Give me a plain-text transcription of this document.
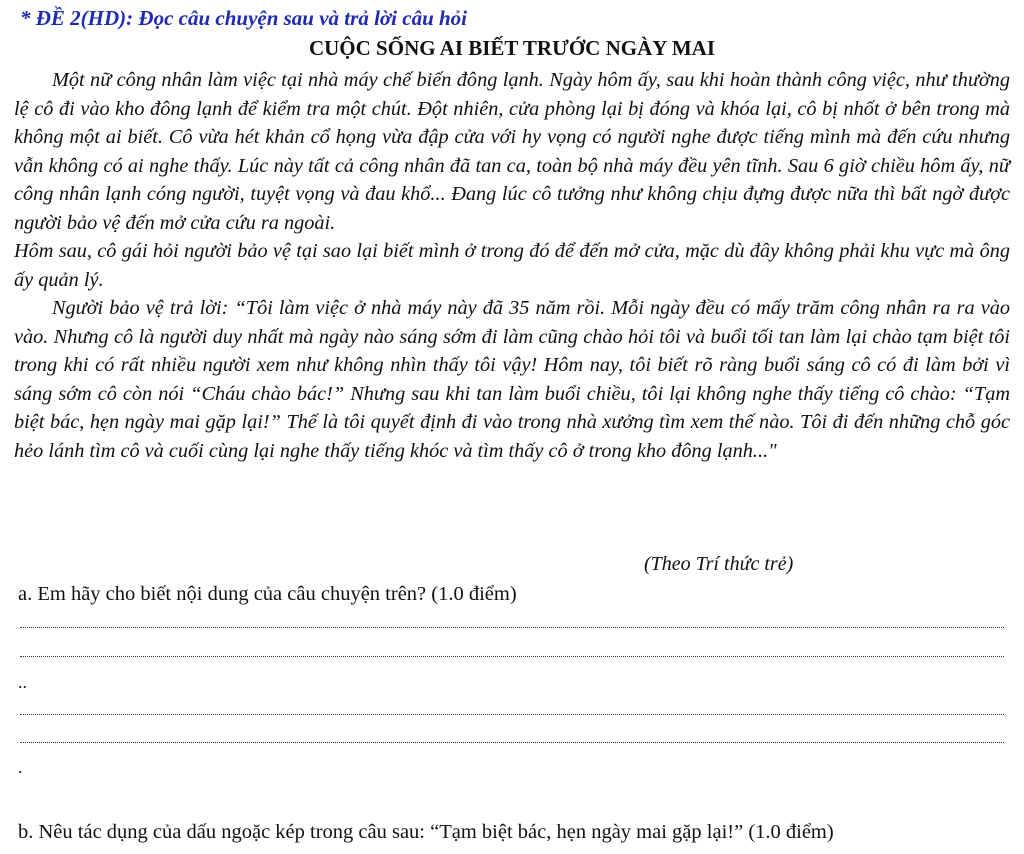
* ĐỀ 2(HD): Đọc câu chuyện sau và trả lời câu hỏi
CUỘC SỐNG AI BIẾT TRƯỚC NGÀY MAI

Một nữ công nhân làm việc tại nhà máy chế biến đông lạnh. Ngày hôm ấy, sau khi hoàn thành công việc, như thường lệ cô đi vào kho đông lạnh để kiểm tra một chút. Đột nhiên, cửa phòng lại bị đóng và khóa lại, cô bị nhốt ở bên trong mà không một ai biết. Cô vừa hét khản cổ họng vừa đập cửa với hy vọng có người nghe được tiếng mình mà đến cứu nhưng vẫn không có ai nghe thấy. Lúc này tất cả công nhân đã tan ca, toàn bộ nhà máy đều yên tĩnh. Sau 6 giờ chiều hôm ấy, nữ công nhân lạnh cóng người, tuyệt vọng và đau khổ... Đang lúc cô tưởng như không chịu đựng được nữa thì bất ngờ được người bảo vệ đến mở cửa cứu ra ngoài.

Hôm sau, cô gái hỏi người bảo vệ tại sao lại biết mình ở trong đó để đến mở cửa, mặc dù đây không phải khu vực mà ông ấy quản lý.

Người bảo vệ trả lời: “Tôi làm việc ở nhà máy này đã 35 năm rồi. Mỗi ngày đều có mấy trăm công nhân ra ra vào vào. Nhưng cô là người duy nhất mà ngày nào sáng sớm đi làm cũng chào hỏi tôi và buổi tối tan làm lại chào tạm biệt tôi trong khi có rất nhiều người xem như không nhìn thấy tôi vậy! Hôm nay, tôi biết rõ ràng buổi sáng cô có đi làm bởi vì sáng sớm cô còn nói “Cháu chào bác!” Nhưng sau khi tan làm buổi chiều, tôi lại không nghe thấy tiếng cô chào: “Tạm biệt bác, hẹn ngày mai gặp lại!” Thế là tôi quyết định đi vào trong nhà xưởng tìm xem thế nào. Tôi đi đến những chỗ góc hẻo lánh tìm cô và cuối cùng lại nghe thấy tiếng khóc và tìm thấy cô ở trong kho đông lạnh..."

(Theo Trí thức trẻ)
a. Em hãy cho biết nội dung của câu chuyện trên? (1.0 điểm)
..
.
b. Nêu tác dụng của dấu ngoặc kép trong câu sau: “Tạm biệt bác, hẹn ngày mai gặp lại!” (1.0 điểm)
